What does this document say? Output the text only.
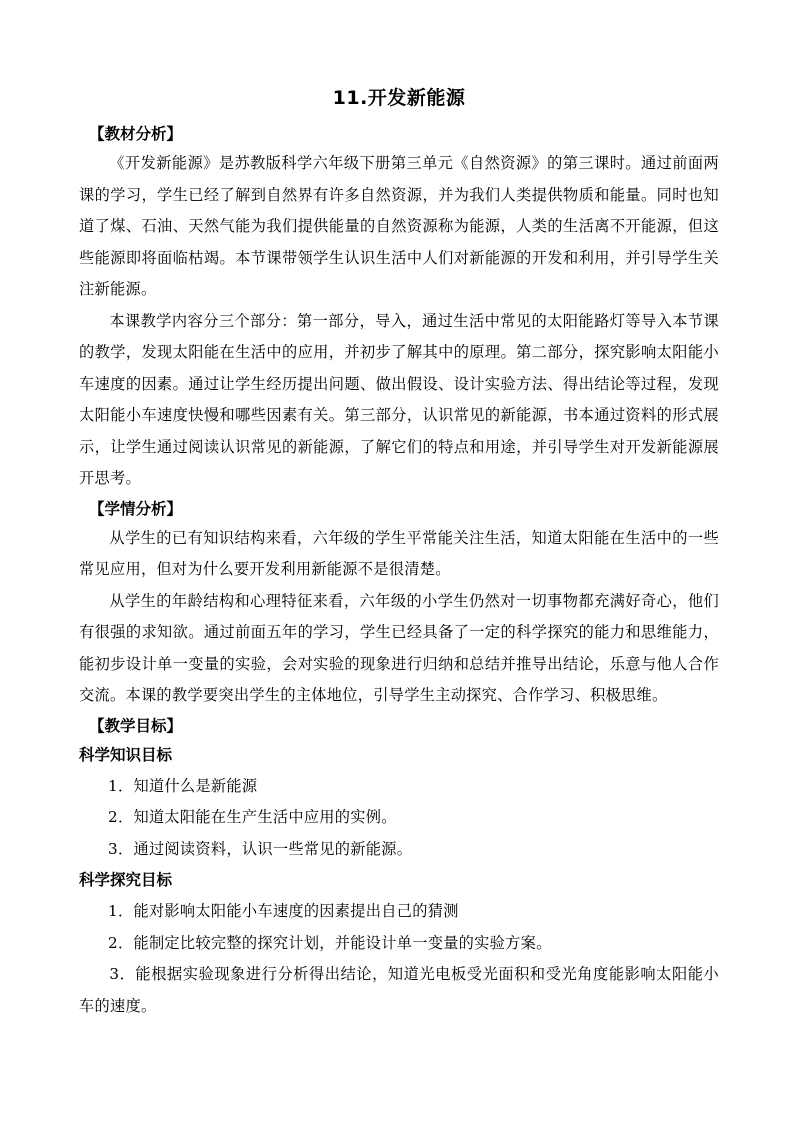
11.开发新能源

【教材分析】

《开发新能源》是苏教版科学六年级下册第三单元《自然资源》的第三课时。通过前面两课的学习，学生已经了解到自然界有许多自然资源，并为我们人类提供物质和能量。同时也知道了煤、石油、天然气能为我们提供能量的自然资源称为能源，人类的生活离不开能源，但这些能源即将面临枯竭。本节课带领学生认识生活中人们对新能源的开发和利用，并引导学生关注新能源。

本课教学内容分三个部分：第一部分，导入，通过生活中常见的太阳能路灯等导入本节课的教学，发现太阳能在生活中的应用，并初步了解其中的原理。第二部分，探究影响太阳能小车速度的因素。通过让学生经历提出问题、做出假设、设计实验方法、得出结论等过程，发现太阳能小车速度快慢和哪些因素有关。第三部分，认识常见的新能源，书本通过资料的形式展示，让学生通过阅读认识常见的新能源，了解它们的特点和用途，并引导学生对开发新能源展开思考。

【学情分析】

从学生的已有知识结构来看，六年级的学生平常能关注生活，知道太阳能在生活中的一些常见应用，但对为什么要开发利用新能源不是很清楚。

从学生的年龄结构和心理特征来看，六年级的小学生仍然对一切事物都充满好奇心，他们有很强的求知欲。通过前面五年的学习，学生已经具备了一定的科学探究的能力和思维能力，能初步设计单一变量的实验，会对实验的现象进行归纳和总结并推导出结论，乐意与他人合作交流。本课的教学要突出学生的主体地位，引导学生主动探究、合作学习、积极思维。

【教学目标】

科学知识目标

1．知道什么是新能源

2．知道太阳能在生产生活中应用的实例。

3．通过阅读资料，认识一些常见的新能源。

科学探究目标

1．能对影响太阳能小车速度的因素提出自己的猜测

2．能制定比较完整的探究计划，并能设计单一变量的实验方案。

3．能根据实验现象进行分析得出结论，知道光电板受光面积和受光角度能影响太阳能小车的速度。
